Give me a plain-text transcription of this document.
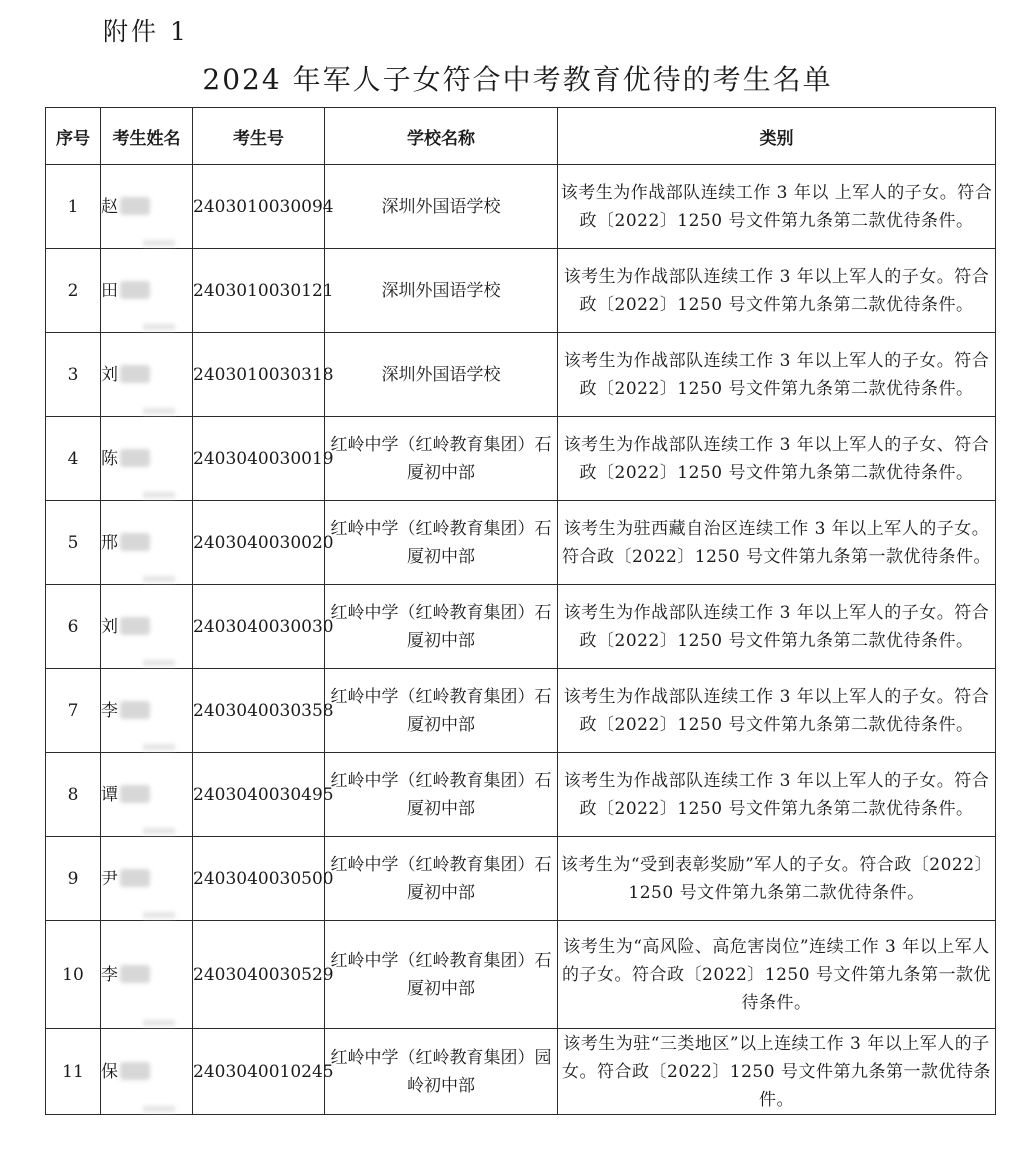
附件 1
2024 年军人子女符合中考教育优待的考生名单
序号	考生姓名	考生号	学校名称	类别
1	赵	2403010030094	深圳外国语学校	该考生为作战部队连续工作 3 年以 上军人的子女。符合政〔2022〕1250 号文件第九条第二款优待条件。
2	田	2403010030121	深圳外国语学校	该考生为作战部队连续工作 3 年以上军人的子女。符合政〔2022〕1250 号文件第九条第二款优待条件。
3	刘	2403010030318	深圳外国语学校	该考生为作战部队连续工作 3 年以上军人的子女。符合政〔2022〕1250 号文件第九条第二款优待条件。
4	陈	2403040030019	红岭中学（红岭教育集团）石厦初中部	该考生为作战部队连续工作 3 年以上军人的子女、符合政〔2022〕1250 号文件第九条第二款优待条件。
5	邢	2403040030020	红岭中学（红岭教育集团）石厦初中部	该考生为驻西藏自治区连续工作 3 年以上军人的子女。符合政〔2022〕1250 号文件第九条第一款优待条件。
6	刘	2403040030030	红岭中学（红岭教育集团）石厦初中部	该考生为作战部队连续工作 3 年以上军人的子女。符合政〔2022〕1250 号文件第九条第二款优待条件。
7	李	2403040030358	红岭中学（红岭教育集团）石厦初中部	该考生为作战部队连续工作 3 年以上军人的子女。符合政〔2022〕1250 号文件第九条第二款优待条件。
8	谭	2403040030495	红岭中学（红岭教育集团）石厦初中部	该考生为作战部队连续工作 3 年以上军人的子女。符合政〔2022〕1250 号文件第九条第二款优待条件。
9	尹	2403040030500	红岭中学（红岭教育集团）石厦初中部	该考生为“受到表彰奖励”军人的子女。符合政〔2022〕1250 号文件第九条第二款优待条件。
10	李	2403040030529	红岭中学（红岭教育集团）石厦初中部	该考生为“高风险、高危害岗位”连续工作 3 年以上军人的子女。符合政〔2022〕1250 号文件第九条第一款优待条件。
11	保	2403040010245	红岭中学（红岭教育集团）园岭初中部	该考生为驻“三类地区”以上连续工作 3 年以上军人的子女。符合政〔2022〕1250 号文件第九条第一款优待条件。
